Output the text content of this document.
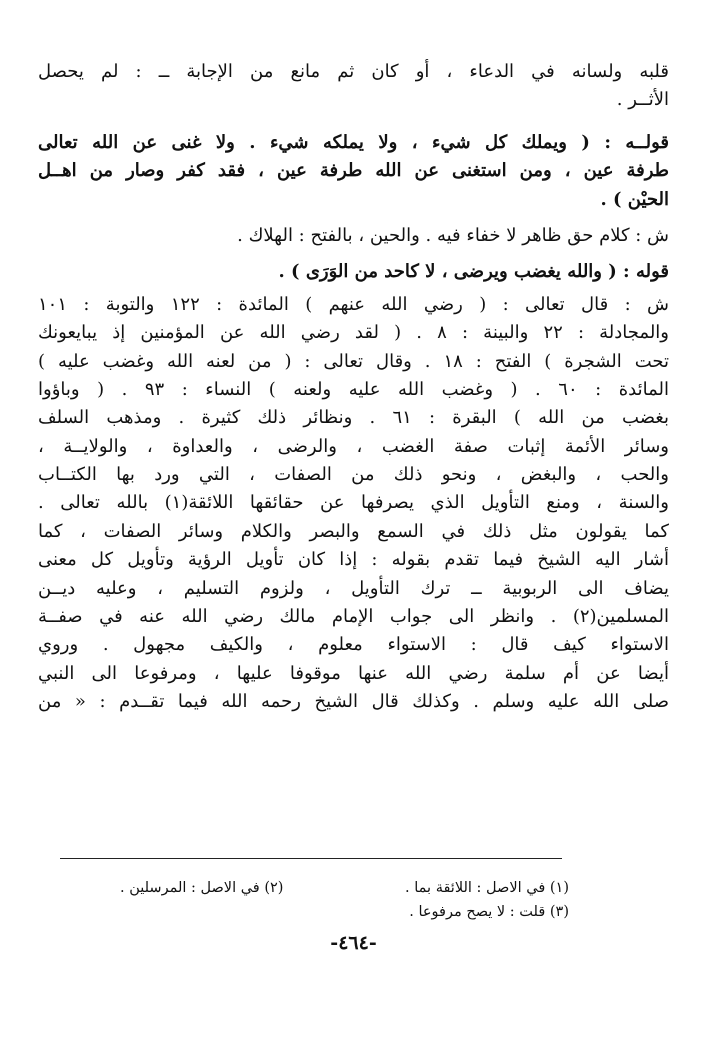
قلبه ولسانه في الدعاء ، أو كان ثم مانع من الإجابة ــ : لم يحصل
الأثــر .
قولــه : ( ويملك كل شيء ، ولا يملكه شيء . ولا غنى عن الله تعالى
طرفة عين ، ومن استغنى عن الله طرفة عين ، فقد كفر وصار من اهــل
الحيْن ) .
ش : كلام حق ظاهر لا خفاء فيه . والحين ، بالفتح : الهلاك .
قوله : ( والله يغضب ويرضى ، لا كاحد من الوَرَى ) .
ش : قال تعالى : ( رضي الله عنهم ) المائدة : ١٢٢ والتوبة : ١٠١
والمجادلة : ٢٢ والبينة : ٨ . ( لقد رضي الله عن المؤمنين إذ يبايعونك
تحت الشجرة ) الفتح : ١٨ . وقال تعالى : ( من لعنه الله وغضب عليه )
المائدة : ٦٠ . ( وغضب الله عليه ولعنه ) النساء : ٩٣ . ( وباؤوا
بغضب من الله ) البقرة : ٦١ . ونظائر ذلك كثيرة . ومذهب السلف
وسائر الأئمة إثبات صفة الغضب ، والرضى ، والعداوة ، والولايــة ،
والحب ، والبغض ، ونحو ذلك من الصفات ، التي ورد بها الكتــاب
والسنة ، ومنع التأويل الذي يصرفها عن حقائقها اللائقة(١) بالله تعالى .
كما يقولون مثل ذلك في السمع والبصر والكلام وسائر الصفات ، كما
أشار اليه الشيخ فيما تقدم بقوله : إذا كان تأويل الرؤية وتأويل كل معنى
يضاف الى الربوبية ــ ترك التأويل ، ولزوم التسليم ، وعليه ديــن
المسلمين(٢) . وانظر الى جواب الإمام مالك رضي الله عنه في صفــة
الاستواء كيف قال : الاستواء معلوم ، والكيف مجهول . وروي
أيضا عن أم سلمة رضي الله عنها موقوفا عليها ، ومرفوعا الى النبي
صلى الله عليه وسلم . وكذلك قال الشيخ رحمه الله فيما تقــدم : « من
(١) في الاصل : اللائقة بما .
(٢) في الاصل : المرسلين .
(٣) قلت : لا يصح مرفوعا .
-٤٦٤-
